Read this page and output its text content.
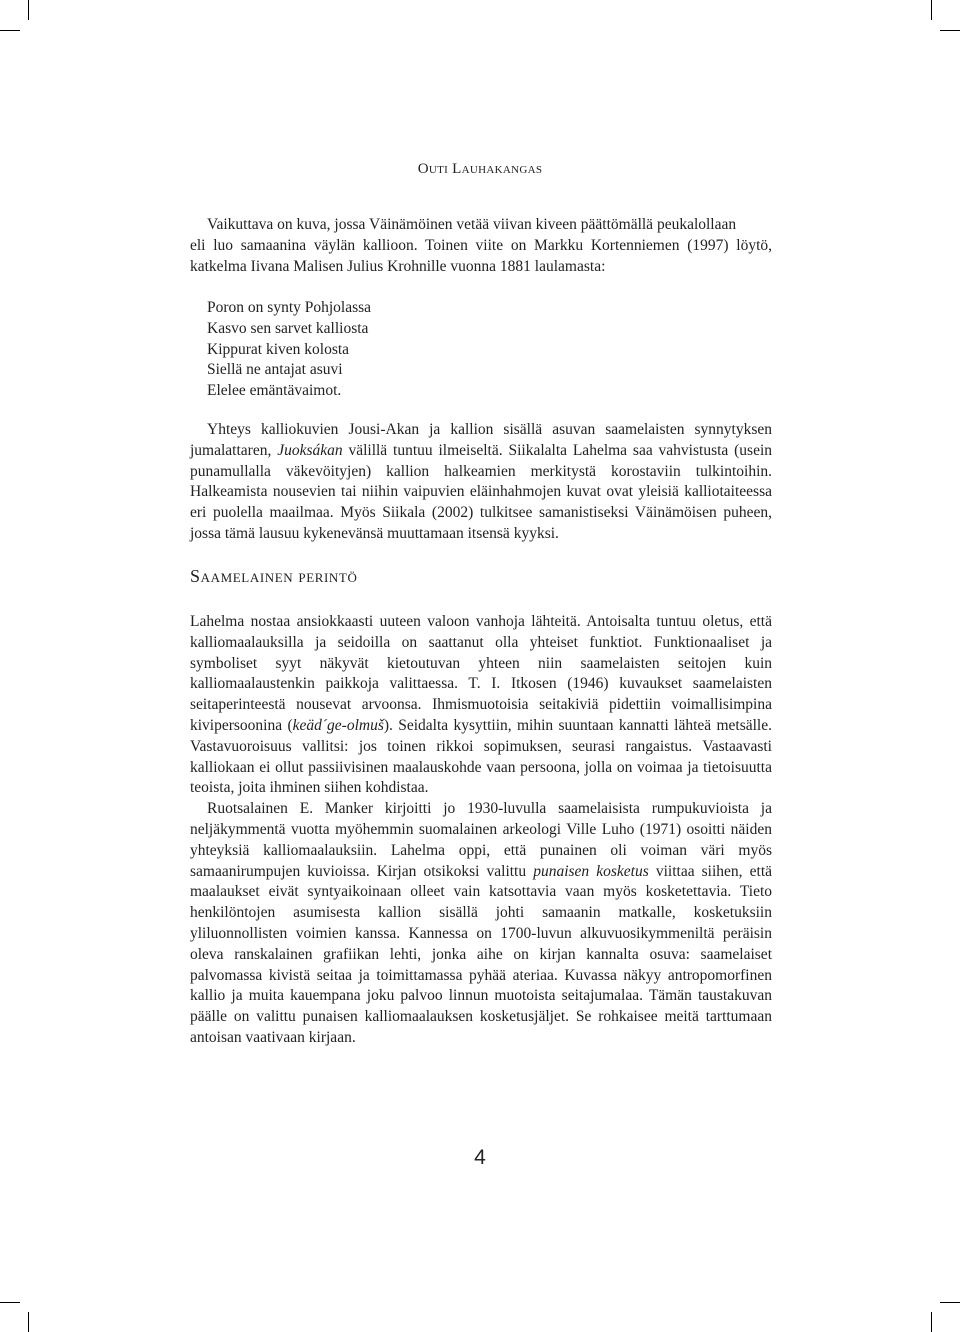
Outi Lauhakangas

Vaikuttava on kuva, jossa Väinämöinen vetää viivan kiveen päättömällä peukalollaan
eli luo samaanina väylän kallioon. Toinen viite on Markku Kortenniemen (1997) löytö, katkelma Iivana Malisen Julius Krohnille vuonna 1881 laulamasta:

Poron on synty Pohjolassa
Kasvo sen sarvet kalliosta
Kippurat kiven kolosta
Siellä ne antajat asuvi
Elelee emäntävaimot.

Yhteys kalliokuvien Jousi-Akan ja kallion sisällä asuvan saamelaisten synnytyksen jumalattaren, Juoksákan välillä tuntuu ilmeiseltä. Siikalalta Lahelma saa vahvistusta (usein punamullalla väkevöityjen) kallion halkeamien merkitystä korostaviin tulkintoihin. Halkeamista nousevien tai niihin vaipuvien eläinhahmojen kuvat ovat yleisiä kalliotaiteessa eri puolella maailmaa. Myös Siikala (2002) tulkitsee samanistiseksi Väinämöisen puheen, jossa tämä lausuu kykenevänsä muuttamaan itsensä kyyksi.

Saamelainen perintö

Lahelma nostaa ansiokkaasti uuteen valoon vanhoja lähteitä. Antoisalta tuntuu oletus, että kalliomaalauksilla ja seidoilla on saattanut olla yhteiset funktiot. Funktionaaliset ja symboliset syyt näkyvät kietoutuvan yhteen niin saamelaisten seitojen kuin kalliomaalaustenkin paikkoja valittaessa. T. I. Itkosen (1946) kuvaukset saamelaisten seitaperinteestä nousevat arvoonsa. Ihmismuotoisia seitakiviä pidettiin voimallisimpina kivipersoonina (keäd´ge-olmuš). Seidalta kysyttiin, mihin suuntaan kannatti lähteä metsälle. Vastavuoroisuus vallitsi: jos toinen rikkoi sopimuksen, seurasi rangaistus. Vastaavasti kalliokaan ei ollut passiivisinen maalauskohde vaan persoona, jolla on voimaa ja tietoisuutta teoista, joita ihminen siihen kohdistaa.

Ruotsalainen E. Manker kirjoitti jo 1930-luvulla saamelaisista rumpukuvioista ja neljäkymmentä vuotta myöhemmin suomalainen arkeologi Ville Luho (1971) osoitti näiden yhteyksiä kalliomaalauksiin. Lahelma oppi, että punainen oli voiman väri myös samaanirumpujen kuvioissa. Kirjan otsikoksi valittu punaisen kosketus viittaa siihen, että maalaukset eivät syntyaikoinaan olleet vain katsottavia vaan myös kosketettavia. Tieto henkilöntojen asumisesta kallion sisällä johti samaanin matkalle, kosketuksiin yliluonnollisten voimien kanssa. Kannessa on 1700-luvun alkuvuosikymmeniltä peräisin oleva ranskalainen grafiikan lehti, jonka aihe on kirjan kannalta osuva: saamelaiset palvomassa kivistä seitaa ja toimittamassa pyhää ateriaa. Kuvassa näkyy antropomorfinen kallio ja muita kauempana joku palvoo linnun muotoista seitajumalaa. Tämän taustakuvan päälle on valittu punaisen kalliomaalauksen kosketusjäljet. Se rohkaisee meitä tarttumaan antoisan vaativaan kirjaan.

4
